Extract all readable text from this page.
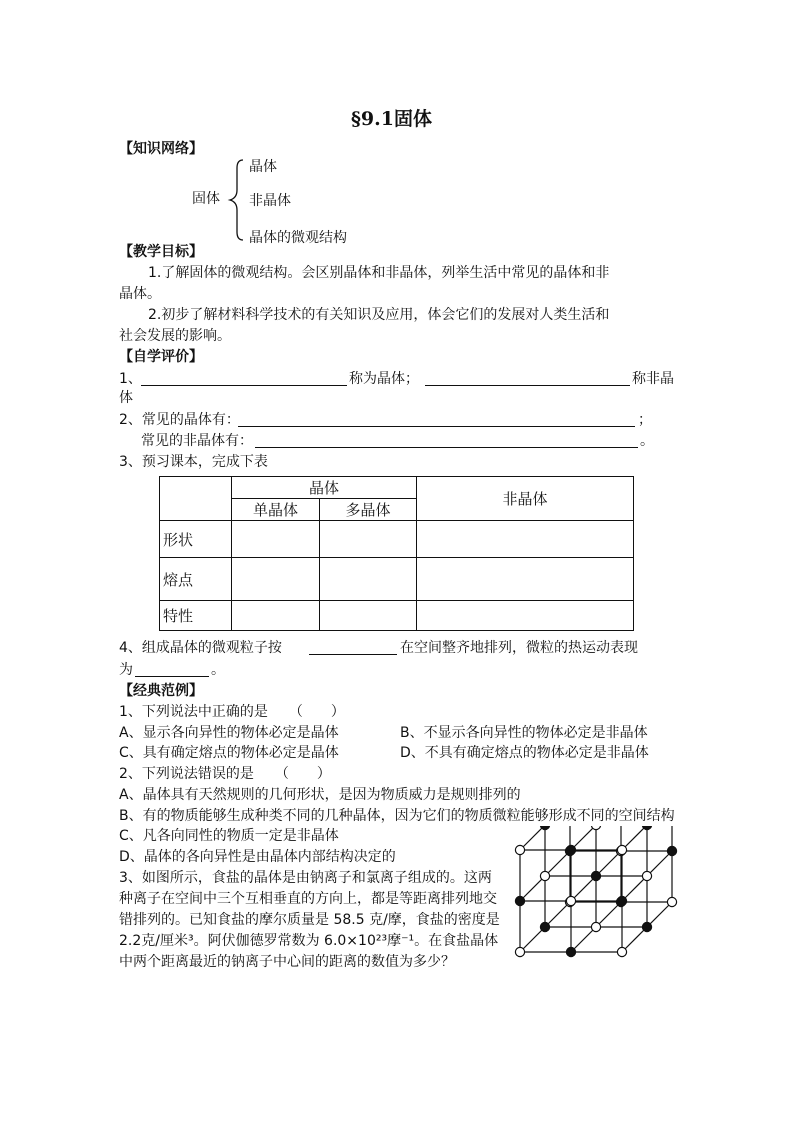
§9.1固体
【知识网络】
固体
晶体
非晶体
晶体的微观结构
【教学目标】
1.了解固体的微观结构。会区别晶体和非晶体，列举生活中常见的晶体和非
晶体。
2.初步了解材料科学技术的有关知识及应用，体会它们的发展对人类生活和
社会发展的影响。
【自学评价】
1、	称为晶体；	称非晶
体
2、常见的晶体有：	；
常见的非晶体有：	。
3、预习课本，完成下表
	晶体		非晶体
	单晶体	多晶体	
形状			
熔点			
特性			
4、组成晶体的微观粒子按	在空间整齐地排列，微粒的热运动表现
为	。
【经典范例】
1、下列说法中正确的是　　（　　）
A、显示各向异性的物体必定是晶体	B、不显示各向异性的物体必定是非晶体
C、具有确定熔点的物体必定是晶体	D、不具有确定熔点的物体必定是非晶体
2、下列说法错误的是　　（　　）
A、晶体具有天然规则的几何形状，是因为物质威力是规则排列的
B、有的物质能够生成种类不同的几种晶体，因为它们的物质微粒能够形成不同的空间结构
C、凡各向同性的物质一定是非晶体
D、晶体的各向异性是由晶体内部结构决定的
3、如图所示，食盐的晶体是由钠离子和氯离子组成的。这两
种离子在空间中三个互相垂直的方向上，都是等距离排列地交
错排列的。已知食盐的摩尔质量是 58.5 克/摩，食盐的密度是
2.2克/厘米³。阿伏伽德罗常数为 6.0×10²³摩⁻¹。在食盐晶体
中两个距离最近的钠离子中心间的距离的数值为多少？
